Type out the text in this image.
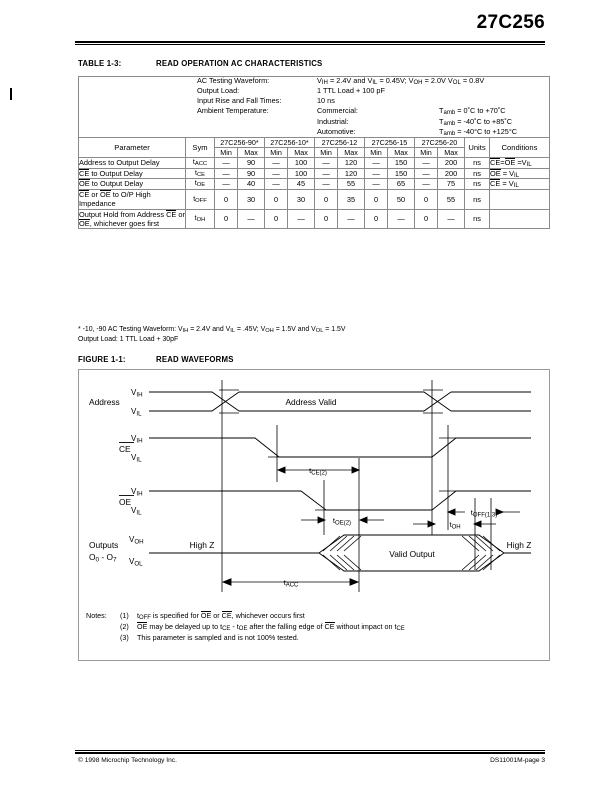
27C256
TABLE 1-3:	READ OPERATION AC CHARACTERISTICS
AC Testing Waveform:	$V_{IH} = 2.4V$ and $V_{IL} = 0.45V$; $V_{OH} = 2.0V$ $V_{OL} = 0.8V$
Output Load:	1 TTL Load + 100 pF
Input Rise and Fall Times:	10 ns
Ambient Temperature:	Commercial:	$T_{amb}$ = 0˚C to +70˚C
Industrial:	$T_{amb}$ = -40˚C to +85˚C
Automotive:	$T_{amb} = -40^\circ C$ to +125°C

Parameter	Sym	27C256-90*		27C256-10*		27C256-12		27C256-15		27C256-20		Units	Conditions
		Min	Max	Min	Max	Min	Max	Min	Max	Min	Max		
Address to Output Delay	$t_{ACC}$	—	90	—	100	—	120	—	150	—	200	ns	$CE=OE =V_{IL}$
CE to Output Delay	$t_{CE}$	—	90	—	100	—	120	—	150	—	200	ns	OE = $V_{IL}$
OE to Output Delay	$t_{OE}$	—	40	—	45	—	55	—	65	—	75	ns	CE = $V_{IL}$
CE or OE to O/P High Impedance	$t_{OFF}$	0	30	0	30	0	35	0	50	0	55	ns	
Output Hold from Address CE or OE, whichever goes first	$t_{OH}$	0	—	0	—	0	—	0	—	0	—	ns	
* -10, -90 AC Testing Waveform: $V_{IH} = 2.4V$ and $V_{IL} = .45V$; $V_{OH} = 1.5V$ and $V_{OL} = 1.5V$
Output Load: 1 TTL Load + 30pF
FIGURE 1-1:	READ WAVEFORMS
Address
CE
OE
Outputs
O0 - O7
$V_{IH}$
$V_{IL}$
$V_{IH}$
$V_{IL}$
$V_{IH}$
$V_{IL}$
$V_{OH}$
$V_{OL}$
Address Valid
High Z
Valid Output
High Z
tCE(2)
tOE(2)
tOFF(1,3)
tOH
tACC
Notes:	(1)	$t_{OFF}$ is specified for OE or CE, whichever occurs first
(2)	OE may be delayed up to $t_{CE} - t_{OE}$ after the falling edge of CE without impact on $t_{CE}$
(3)	This parameter is sampled and is not 100% tested.
© 1998 Microchip Technology Inc.	DS11001M-page 3
